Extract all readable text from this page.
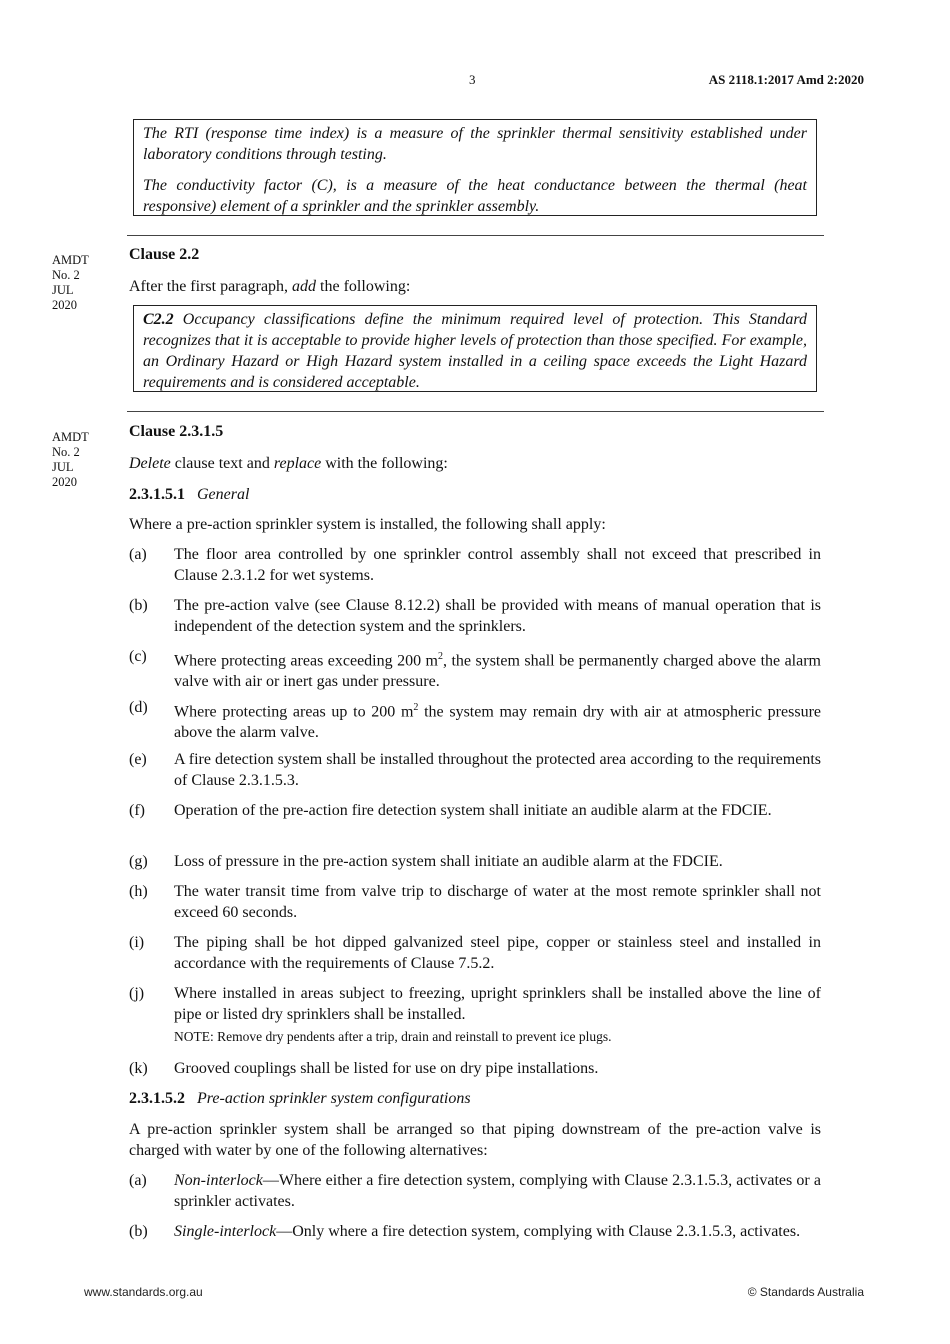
3	AS 2118.1:2017 Amd 2:2020

The RTI (response time index) is a measure of the sprinkler thermal sensitivity established under laboratory conditions through testing.

The conductivity factor (C), is a measure of the heat conductance between the thermal (heat responsive) element of a sprinkler and the sprinkler assembly.

AMDT
No. 2
JUL
2020
Clause 2.2
After the first paragraph, add the following:

C2.2 Occupancy classifications define the minimum required level of protection. This Standard recognizes that it is acceptable to provide higher levels of protection than those specified. For example, an Ordinary Hazard or High Hazard system installed in a ceiling space exceeds the Light Hazard requirements and is considered acceptable.

AMDT
No. 2
JUL
2020
Clause 2.3.1.5
Delete clause text and replace with the following:
2.3.1.5.1 General
Where a pre-action sprinkler system is installed, the following shall apply:
(a) The floor area controlled by one sprinkler control assembly shall not exceed that prescribed in Clause 2.3.1.2 for wet systems.
(b) The pre-action valve (see Clause 8.12.2) shall be provided with means of manual operation that is independent of the detection system and the sprinklers.
(c) Where protecting areas exceeding 200 $m^2$, the system shall be permanently charged above the alarm valve with air or inert gas under pressure.
(d) Where protecting areas up to 200 $m^2$ the system may remain dry with air at atmospheric pressure above the alarm valve.
(e) A fire detection system shall be installed throughout the protected area according to the requirements of Clause 2.3.1.5.3.
(f) Operation of the pre-action fire detection system shall initiate an audible alarm at the FDCIE.
(g) Loss of pressure in the pre-action system shall initiate an audible alarm at the FDCIE.
(h) The water transit time from valve trip to discharge of water at the most remote sprinkler shall not exceed 60 seconds.
(i) The piping shall be hot dipped galvanized steel pipe, copper or stainless steel and installed in accordance with the requirements of Clause 7.5.2.
(j) Where installed in areas subject to freezing, upright sprinklers shall be installed above the line of pipe or listed dry sprinklers shall be installed.
NOTE: Remove dry pendents after a trip, drain and reinstall to prevent ice plugs.
(k) Grooved couplings shall be listed for use on dry pipe installations.
2.3.1.5.2 Pre-action sprinkler system configurations
A pre-action sprinkler system shall be arranged so that piping downstream of the pre-action valve is charged with water by one of the following alternatives:
(a) Non-interlock—Where either a fire detection system, complying with Clause 2.3.1.5.3, activates or a sprinkler activates.
(b) Single-interlock—Only where a fire detection system, complying with Clause 2.3.1.5.3, activates.
www.standards.org.au	© Standards Australia
